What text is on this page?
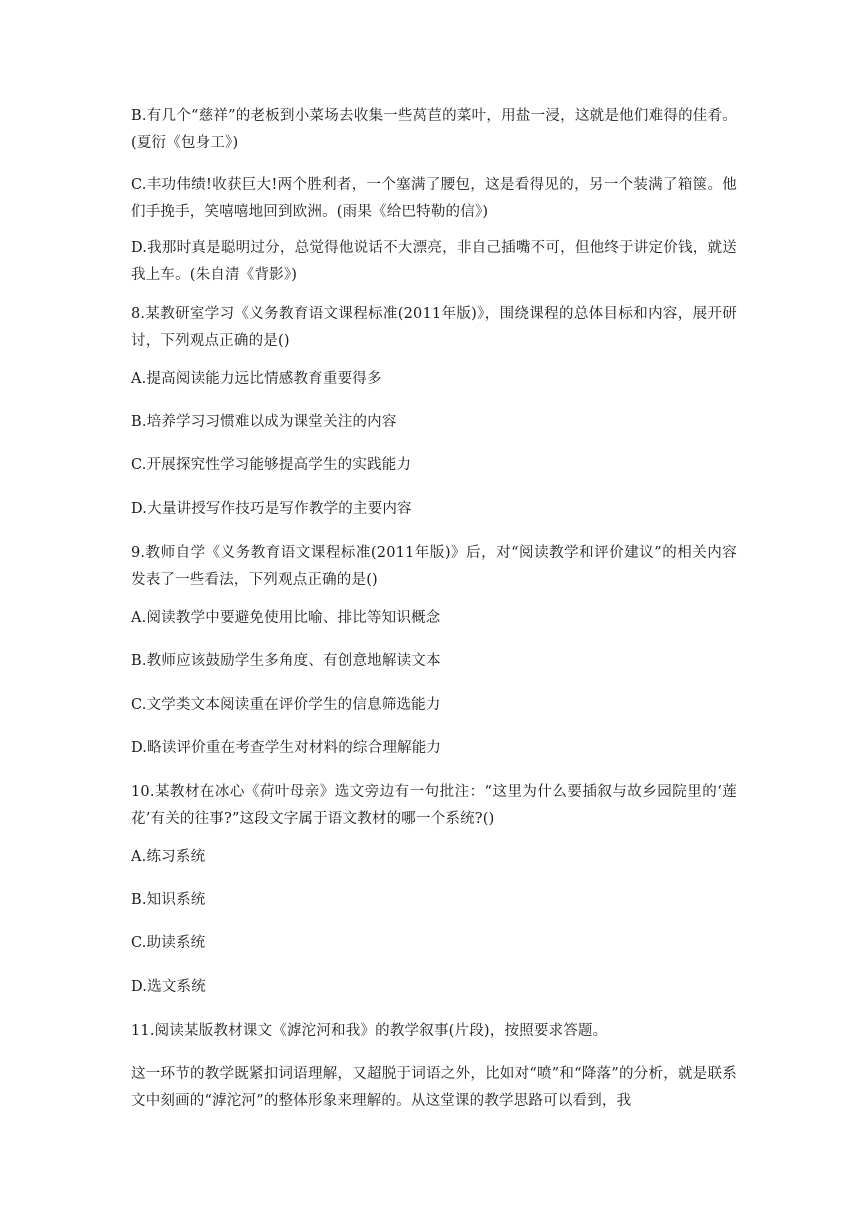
B.有几个“慈祥”的老板到小菜场去收集一些莴苣的菜叶，用盐一浸，这就是他们难得的佳肴。(夏衍《包身工》)

C.丰功伟绩!收获巨大!两个胜利者，一个塞满了腰包，这是看得见的，另一个装满了箱箧。他们手挽手，笑嘻嘻地回到欧洲。(雨果《给巴特勒的信》)

D.我那时真是聪明过分，总觉得他说话不大漂亮，非自己插嘴不可，但他终于讲定价钱，就送我上车。(朱自清《背影》)

8.某教研室学习《义务教育语文课程标准(2011年版)》，围绕课程的总体目标和内容，展开研讨，下列观点正确的是()

A.提高阅读能力远比情感教育重要得多

B.培养学习习惯难以成为课堂关注的内容

C.开展探究性学习能够提高学生的实践能力

D.大量讲授写作技巧是写作教学的主要内容

9.教师自学《义务教育语文课程标准(2011年版)》后，对“阅读教学和评价建议”的相关内容发表了一些看法，下列观点正确的是()

A.阅读教学中要避免使用比喻、排比等知识概念

B.教师应该鼓励学生多角度、有创意地解读文本

C.文学类文本阅读重在评价学生的信息筛选能力

D.略读评价重在考查学生对材料的综合理解能力

10.某教材在冰心《荷叶母亲》选文旁边有一句批注：“这里为什么要插叙与故乡园院里的‘莲花’有关的往事?”这段文字属于语文教材的哪一个系统?()

A.练习系统

B.知识系统

C.助读系统

D.选文系统

11.阅读某版教材课文《滹沱河和我》的教学叙事(片段)，按照要求答题。

这一环节的教学既紧扣词语理解，又超脱于词语之外，比如对“喷”和“降落”的分析，就是联系文中刻画的“滹沱河”的整体形象来理解的。从这堂课的教学思路可以看到，我
